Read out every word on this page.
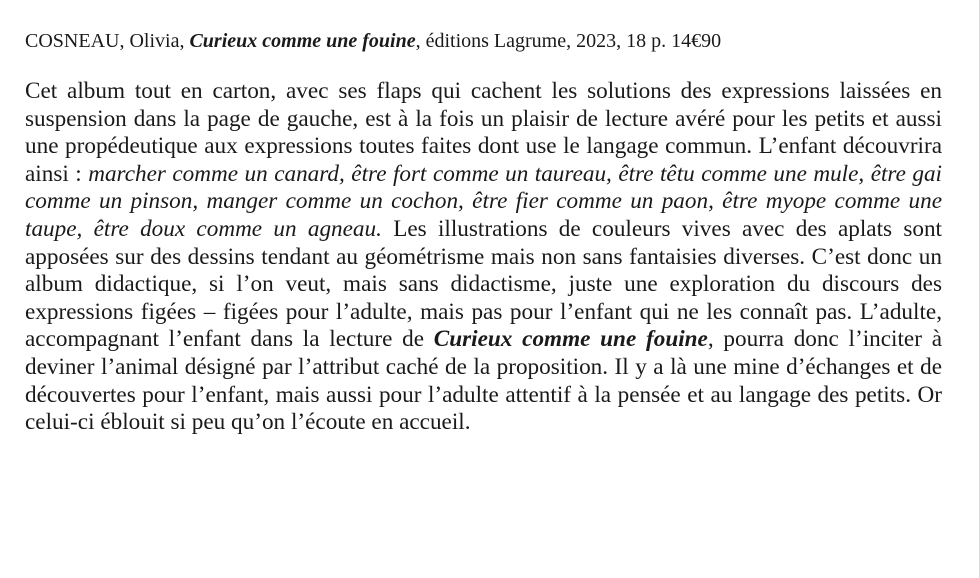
COSNEAU, Olivia, Curieux comme une fouine, éditions Lagrume, 2023, 18 p. 14€90

Cet album tout en carton, avec ses flaps qui cachent les solutions des expressions laissées en suspension dans la page de gauche, est à la fois un plaisir de lecture avéré pour les petits et aussi une propédeutique aux expressions toutes faites dont use le langage commun. L’enfant découvrira ainsi : marcher comme un canard, être fort comme un taureau, être têtu comme une mule, être gai comme un pinson, manger comme un cochon, être fier comme un paon, être myope comme une taupe, être doux comme un agneau. Les illustrations de couleurs vives avec des aplats sont apposées sur des dessins tendant au géométrisme mais non sans fantaisies diverses. C’est donc un album didactique, si l’on veut, mais sans didactisme, juste une exploration du discours des expressions figées – figées pour l’adulte, mais pas pour l’enfant qui ne les connaît pas. L’adulte, accompagnant l’enfant dans la lecture de Curieux comme une fouine, pourra donc l’inciter à deviner l’animal désigné par l’attribut caché de la proposition. Il y a là une mine d’échanges et de découvertes pour l’enfant, mais aussi pour l’adulte attentif à la pensée et au langage des petits. Or celui-ci éblouit si peu qu’on l’écoute en accueil.
